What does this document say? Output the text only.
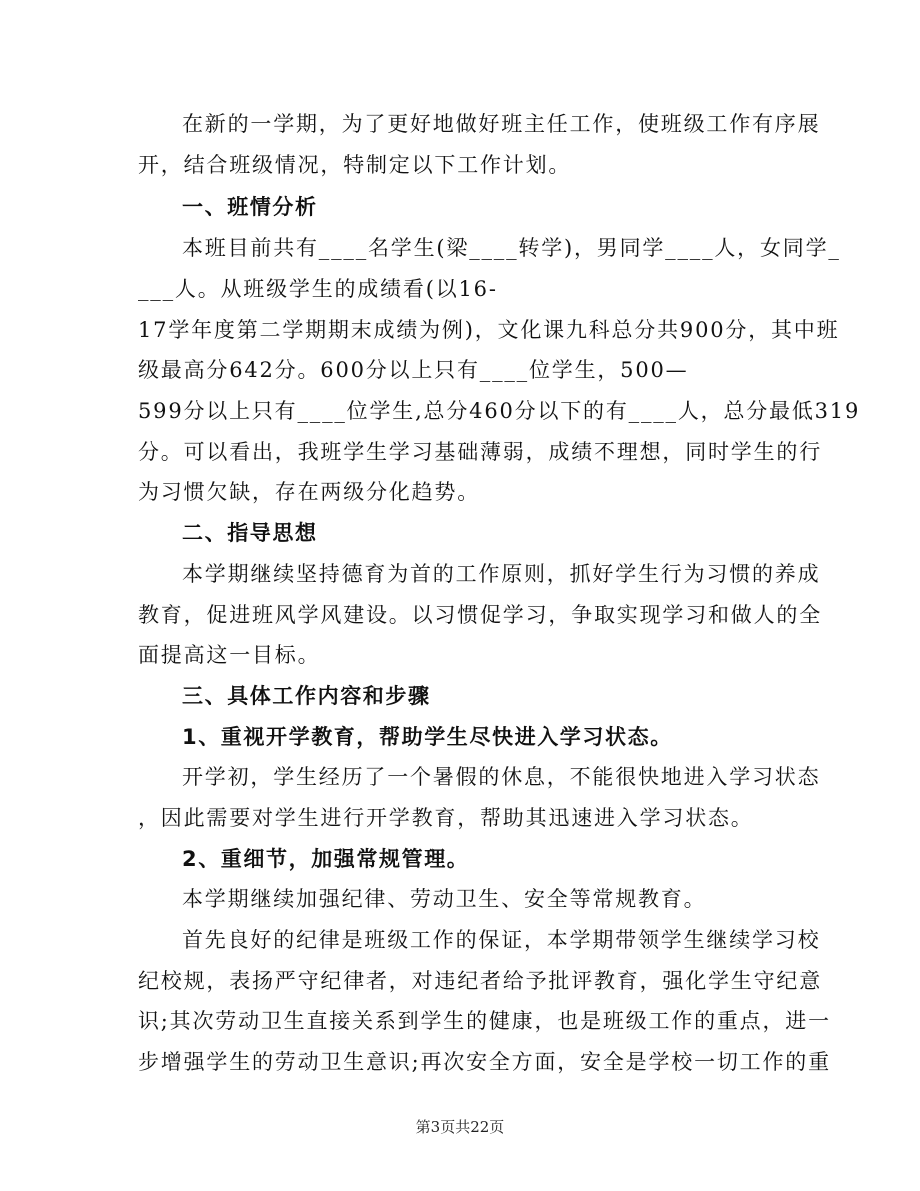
在新的一学期，为了更好地做好班主任工作，使班级工作有序展
开，结合班级情况，特制定以下工作计划。
一、班情分析
本班目前共有____名学生(梁____转学)，男同学____人，女同学_
___人。从班级学生的成绩看(以16-
17学年度第二学期期末成绩为例)，文化课九科总分共900分，其中班
级最高分642分。600分以上只有____位学生，500—
599分以上只有____位学生,总分460分以下的有____人，总分最低319
分。可以看出，我班学生学习基础薄弱，成绩不理想，同时学生的行
为习惯欠缺，存在两级分化趋势。
二、指导思想
本学期继续坚持德育为首的工作原则，抓好学生行为习惯的养成
教育，促进班风学风建设。以习惯促学习，争取实现学习和做人的全
面提高这一目标。
三、具体工作内容和步骤
1、重视开学教育，帮助学生尽快进入学习状态。
开学初，学生经历了一个暑假的休息，不能很快地进入学习状态
，因此需要对学生进行开学教育，帮助其迅速进入学习状态。
2、重细节，加强常规管理。
本学期继续加强纪律、劳动卫生、安全等常规教育。
首先良好的纪律是班级工作的保证，本学期带领学生继续学习校
纪校规，表扬严守纪律者，对违纪者给予批评教育，强化学生守纪意
识;其次劳动卫生直接关系到学生的健康，也是班级工作的重点，进一
步增强学生的劳动卫生意识;再次安全方面，安全是学校一切工作的重
第3页共22页
